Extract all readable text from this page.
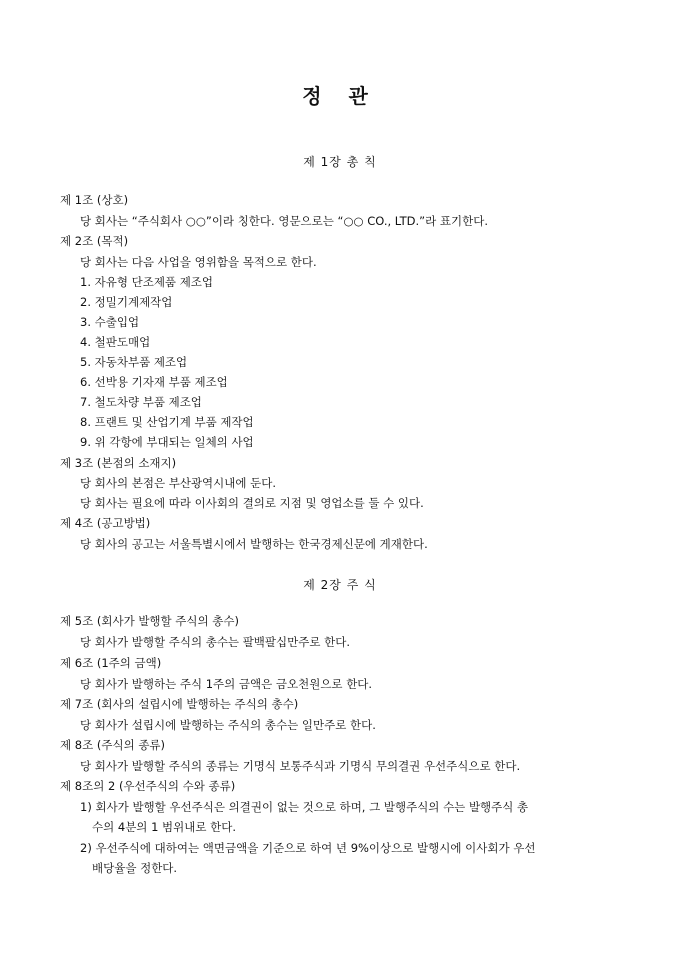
정 관
제 1장 총 칙
제 1조 (상호)
당 회사는 “주식회사 ○○”이라 칭한다. 영문으로는 “○○ CO., LTD.”라 표기한다.
제 2조 (목적)
당 회사는 다음 사업을 영위함을 목적으로 한다.
1. 자유형 단조제품 제조업
2. 정밀기계제작업
3. 수출입업
4. 철판도매업
5. 자동차부품 제조업
6. 선박용 기자재 부품 제조업
7. 철도차량 부품 제조업
8. 프랜트 및 산업기계 부품 제작업
9. 위 각항에 부대되는 일체의 사업
제 3조 (본점의 소재지)
당 회사의 본점은 부산광역시내에 둔다.
당 회사는 필요에 따라 이사회의 결의로 지점 및 영업소를 둘 수 있다.
제 4조 (공고방법)
당 회사의 공고는 서울특별시에서 발행하는 한국경제신문에 게재한다.
제 2장 주 식
제 5조 (회사가 발행할 주식의 총수)
당 회사가 발행할 주식의 총수는 팔백팔십만주로 한다.
제 6조 (1주의 금액)
당 회사가 발행하는 주식 1주의 금액은 금오천원으로 한다.
제 7조 (회사의 설립시에 발행하는 주식의 총수)
당 회사가 설립시에 발행하는 주식의 총수는 일만주로 한다.
제 8조 (주식의 종류)
당 회사가 발행할 주식의 종류는 기명식 보통주식과 기명식 무의결권 우선주식으로 한다.
제 8조의 2 (우선주식의 수와 종류)
1) 회사가 발행할 우선주식은 의결권이 없는 것으로 하며, 그 발행주식의 수는 발행주식 총
수의 4분의 1 범위내로 한다.
2) 우선주식에 대하여는 액면금액을 기준으로 하여 년 9%이상으로 발행시에 이사회가 우선
배당율을 정한다.
